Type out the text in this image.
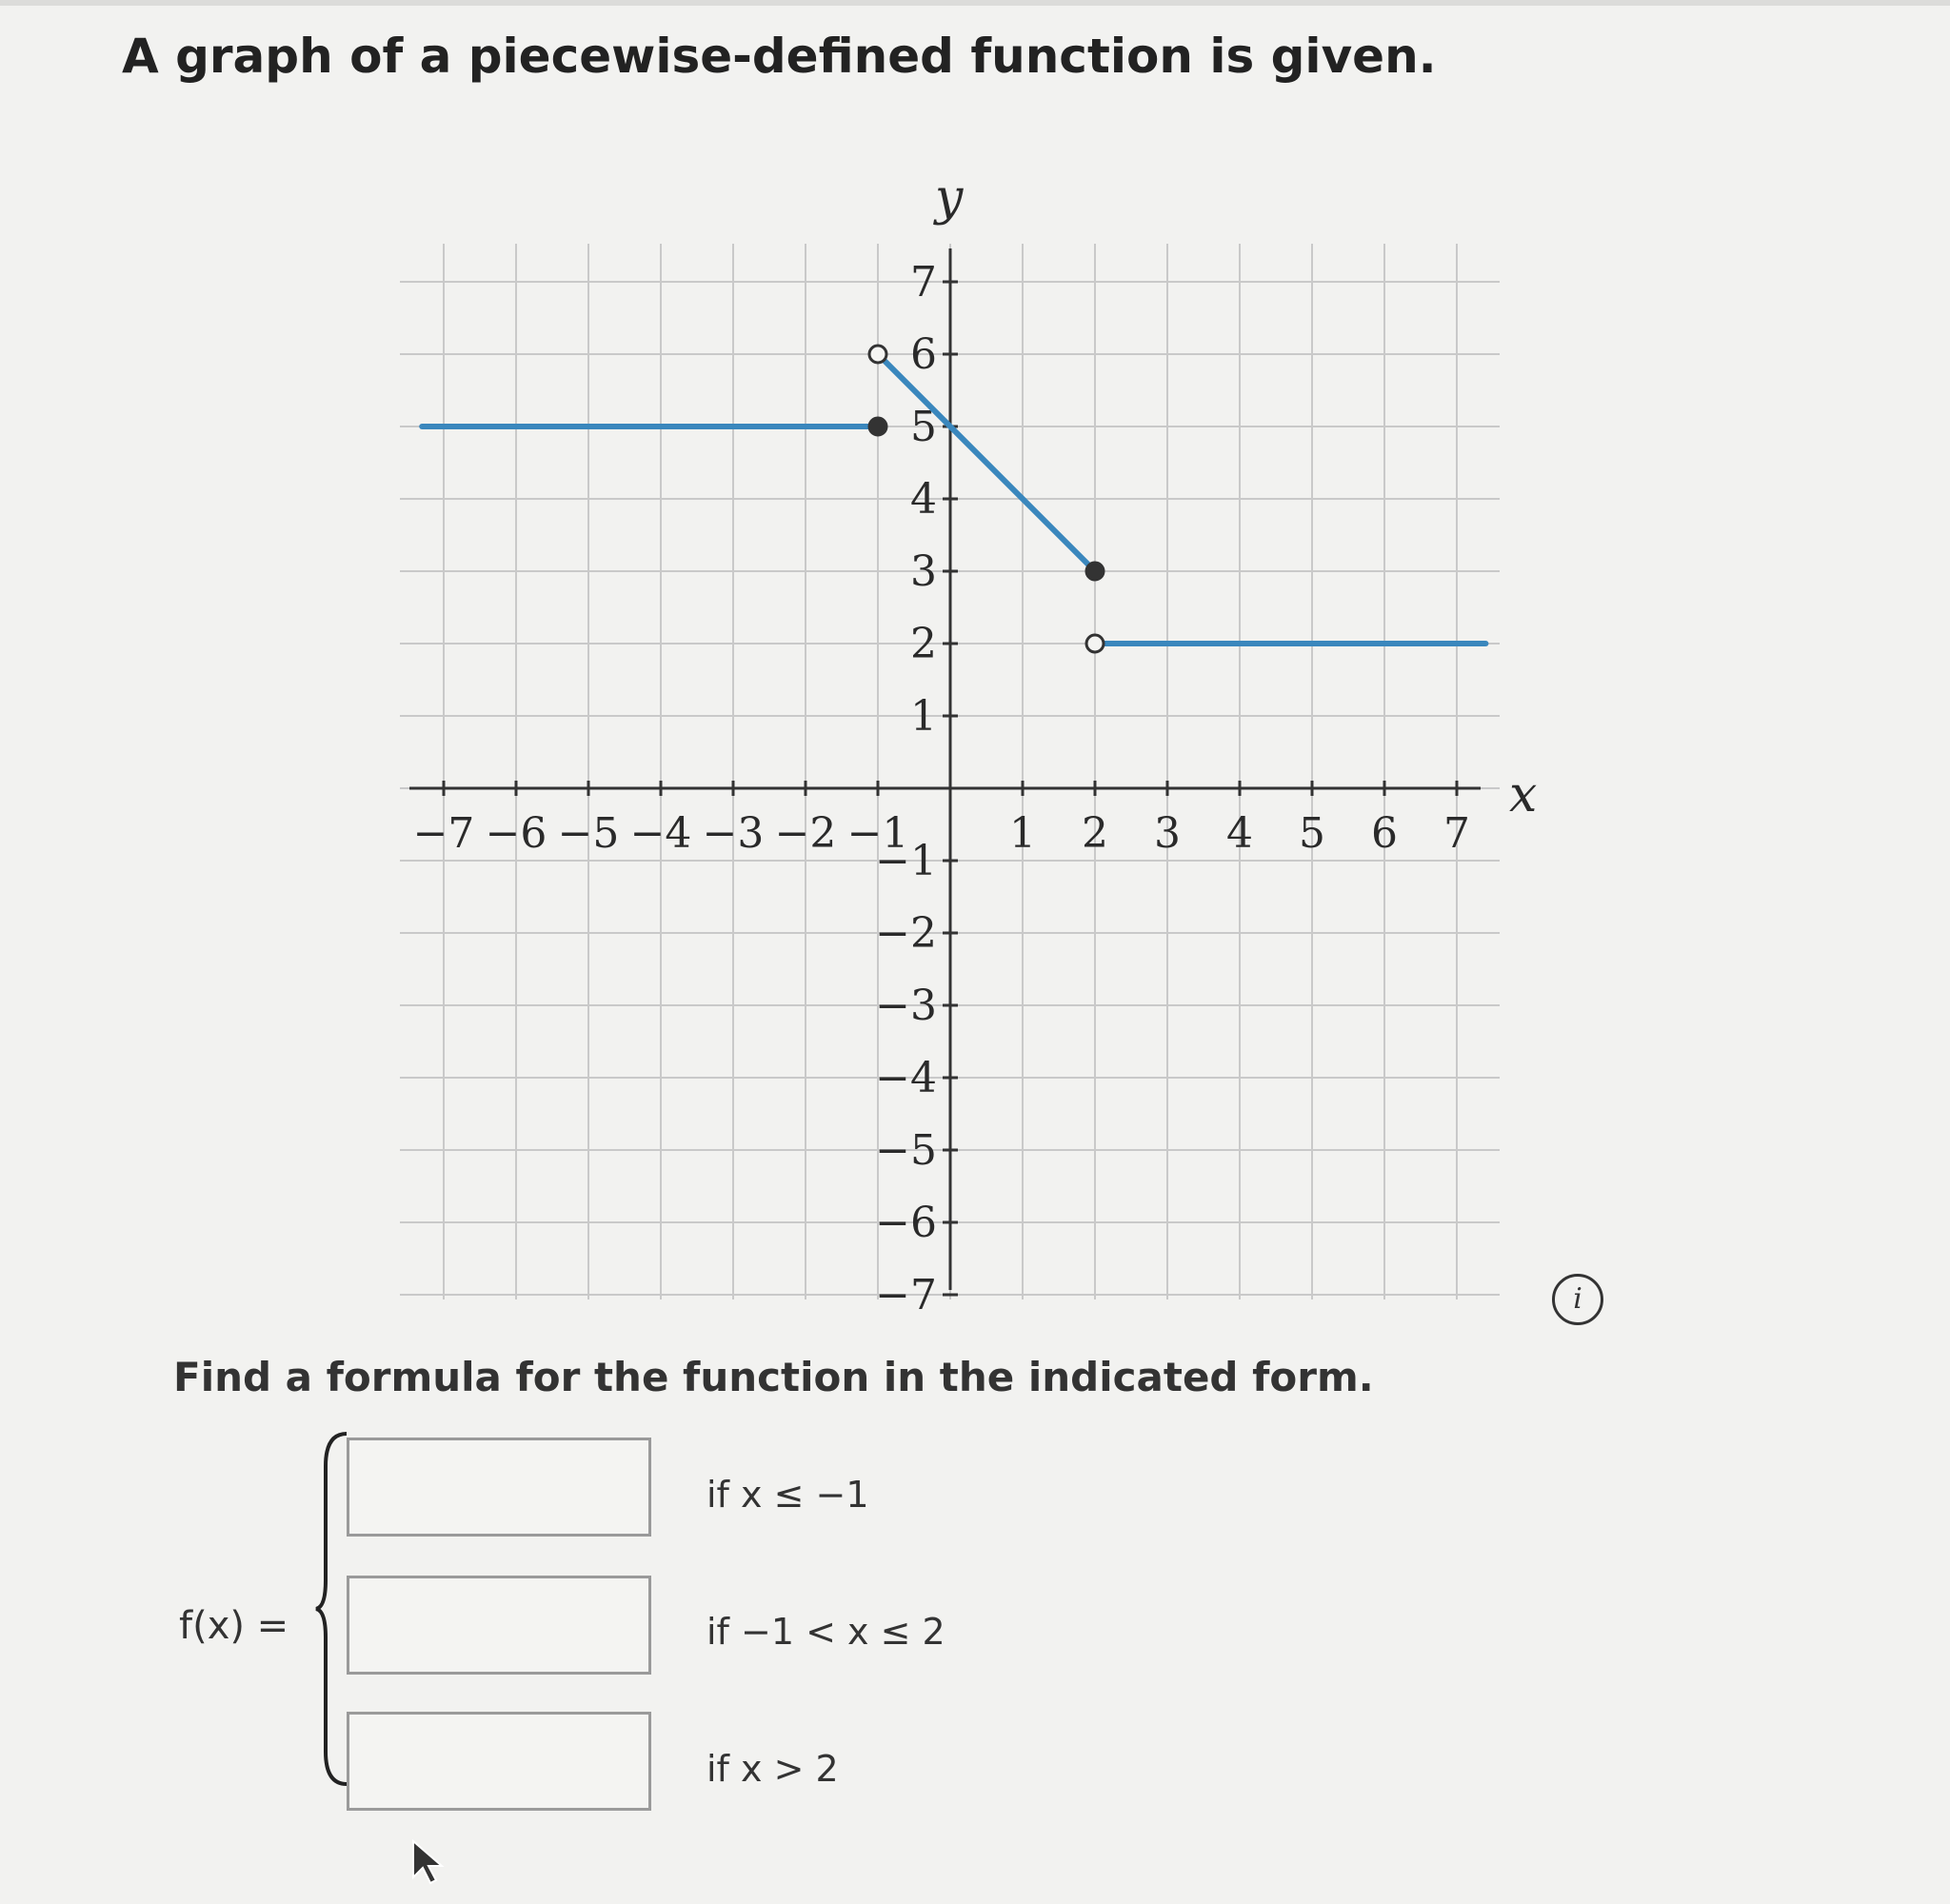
A graph of a piecewise-defined function is given.
−7 −6 −5 −4 −3 −2 −1 1 2 3 4 5 6 7
7
6
5
4
3
2
1
−1
−2
−3
−4
−5
−6
−7
x
y
i
Find a formula for the function in the indicated form.
f(x) =
if x ≤ −1
if −1 < x ≤ 2
if x > 2
